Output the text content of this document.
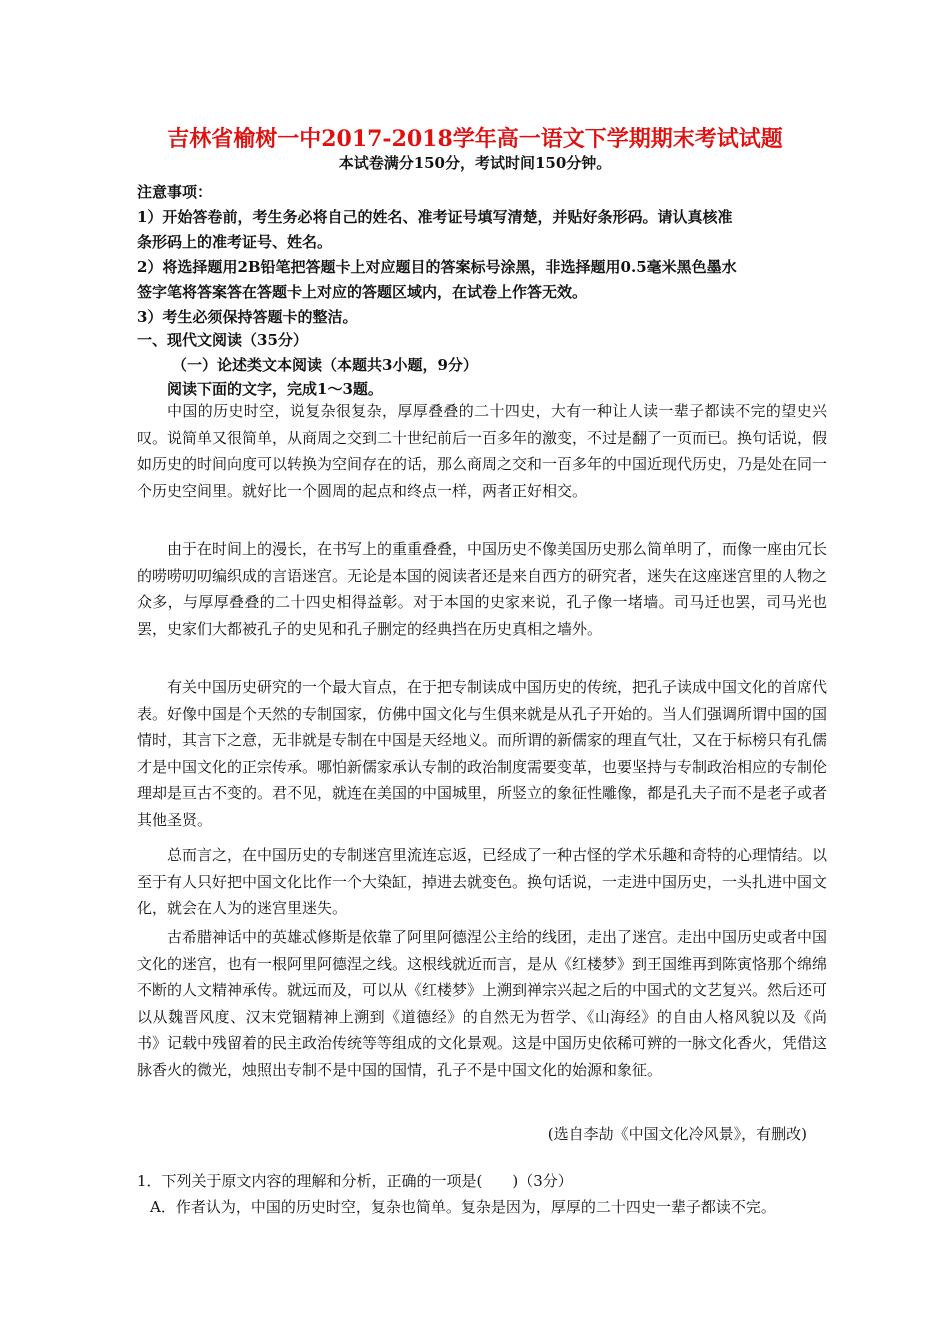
吉林省榆树一中2017-2018学年高一语文下学期期末考试试题
本试卷满分150分，考试时间150分钟。
注意事项：
1）开始答卷前，考生务必将自己的姓名、准考证号填写清楚，并贴好条形码。请认真核准
条形码上的准考证号、姓名。
2）将选择题用2B铅笔把答题卡上对应题目的答案标号涂黑，非选择题用0.5毫米黑色墨水
签字笔将答案答在答题卡上对应的答题区域内，在试卷上作答无效。
3）考生必须保持答题卡的整洁。
一、现代文阅读（35分）
（一）论述类文本阅读（本题共3小题，9分）
阅读下面的文字，完成1～3题。
中国的历史时空，说复杂很复杂，厚厚叠叠的二十四史，大有一种让人读一辈子都读不完的望史兴叹。说简单又很简单，从商周之交到二十世纪前后一百多年的激变，不过是翻了一页而已。换句话说，假如历史的时间向度可以转换为空间存在的话，那么商周之交和一百多年的中国近现代历史，乃是处在同一个历史空间里。就好比一个圆周的起点和终点一样，两者正好相交。
由于在时间上的漫长，在书写上的重重叠叠，中国历史不像美国历史那么简单明了，而像一座由冗长的唠唠叨叨编织成的言语迷宫。无论是本国的阅读者还是来自西方的研究者，迷失在这座迷宫里的人物之众多，与厚厚叠叠的二十四史相得益彰。对于本国的史家来说，孔子像一堵墙。司马迁也罢，司马光也罢，史家们大都被孔子的史见和孔子删定的经典挡在历史真相之墙外。
有关中国历史研究的一个最大盲点，在于把专制读成中国历史的传统，把孔子读成中国文化的首席代表。好像中国是个天然的专制国家，仿佛中国文化与生俱来就是从孔子开始的。当人们强调所谓中国的国情时，其言下之意，无非就是专制在中国是天经地义。而所谓的新儒家的理直气壮，又在于标榜只有孔儒才是中国文化的正宗传承。哪怕新儒家承认专制的政治制度需要变革，也要坚持与专制政治相应的专制伦理却是亘古不变的。君不见，就连在美国的中国城里，所竖立的象征性雕像，都是孔夫子而不是老子或者其他圣贤。
总而言之，在中国历史的专制迷宫里流连忘返，已经成了一种古怪的学术乐趣和奇特的心理情结。以至于有人只好把中国文化比作一个大染缸，掉进去就变色。换句话说，一走进中国历史，一头扎进中国文化，就会在人为的迷宫里迷失。
古希腊神话中的英雄忒修斯是依靠了阿里阿德涅公主给的线团，走出了迷宫。走出中国历史或者中国文化的迷宫，也有一根阿里阿德涅之线。这根线就近而言，是从《红楼梦》到王国维再到陈寅恪那个绵绵不断的人文精神承传。就远而及，可以从《红楼梦》上溯到禅宗兴起之后的中国式的文艺复兴。然后还可以从魏晋风度、汉末党锢精神上溯到《道德经》的自然无为哲学、《山海经》的自由人格风貌以及《尚书》记载中残留着的民主政治传统等等组成的文化景观。这是中国历史依稀可辨的一脉文化香火，凭借这脉香火的微光，烛照出专制不是中国的国情，孔子不是中国文化的始源和象征。
(选自李劼《中国文化冷风景》，有删改)
1．下列关于原文内容的理解和分析，正确的一项是(　　)（3分）
A．作者认为，中国的历史时空，复杂也简单。复杂是因为，厚厚的二十四史一辈子都读不完。
